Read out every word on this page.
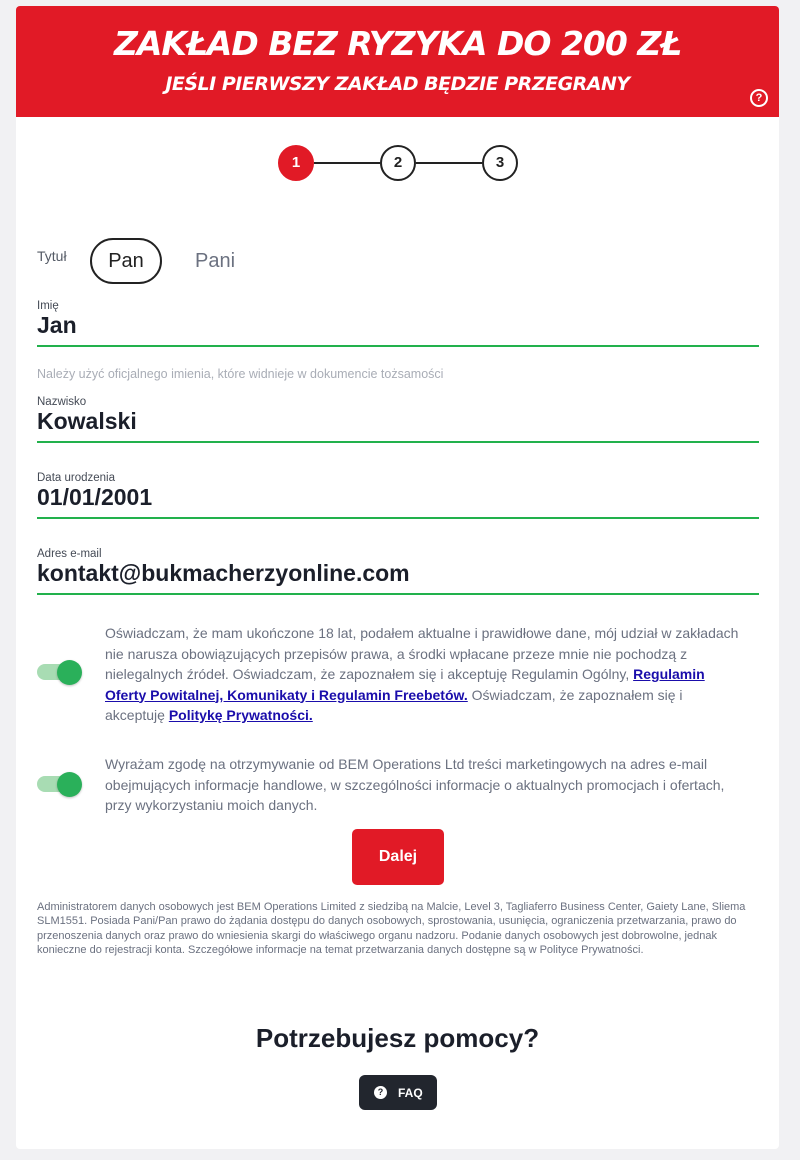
ZAKŁAD BEZ RYZYKA DO 200 ZŁ
JEŚLI PIERWSZY ZAKŁAD BĘDZIE PRZEGRANY
?
1	2	3
Tytuł	Pan	Pani
Imię
Jan
Należy użyć oficjalnego imienia, które widnieje w dokumencie tożsamości
Nazwisko
Kowalski
Data urodzenia
01/01/2001
Adres e-mail
kontakt@bukmacherzyonline.com
Oświadczam, że mam ukończone 18 lat, podałem aktualne i prawidłowe dane, mój udział w zakładach nie narusza obowiązujących przepisów prawa, a środki wpłacane przeze mnie nie pochodzą z nielegalnych źródeł. Oświadczam, że zapoznałem się i akceptuję Regulamin Ogólny, Regulamin Oferty Powitalnej, Komunikaty i Regulamin Freebetów. Oświadczam, że zapoznałem się i akceptuję Politykę Prywatności.
Wyrażam zgodę na otrzymywanie od BEM Operations Ltd treści marketingowych na adres e-mail obejmujących informacje handlowe, w szczególności informacje o aktualnych promocjach i ofertach, przy wykorzystaniu moich danych.
Dalej
Administratorem danych osobowych jest BEM Operations Limited z siedzibą na Malcie, Level 3, Tagliaferro Business Center, Gaiety Lane, Sliema SLM1551. Posiada Pani/Pan prawo do żądania dostępu do danych osobowych, sprostowania, usunięcia, ograniczenia przetwarzania, prawo do przenoszenia danych oraz prawo do wniesienia skargi do właściwego organu nadzoru. Podanie danych osobowych jest dobrowolne, jednak konieczne do rejestracji konta. Szczegółowe informacje na temat przetwarzania danych dostępne są w Polityce Prywatności.
Potrzebujesz pomocy?
?	FAQ
